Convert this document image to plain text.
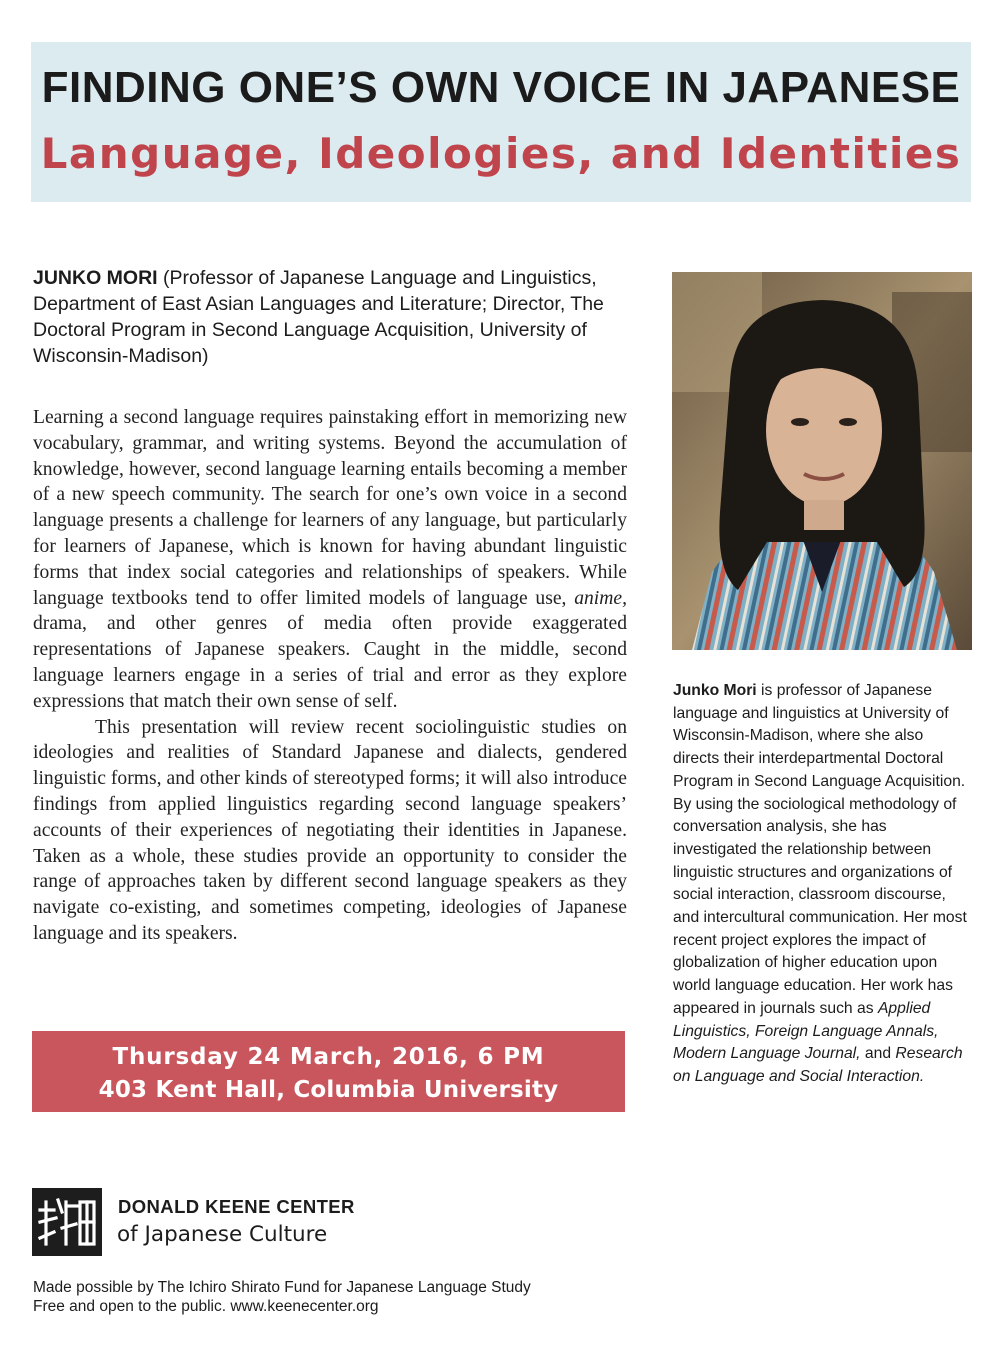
FINDING ONE’S OWN VOICE IN JAPANESE
Language, Ideologies, and Identities
JUNKO MORI (Professor of Japanese Language and Linguistics, Department of East Asian Languages and Literature; Director, The Doctoral Program in Second Language Acquisition, University of Wisconsin-Madison)

Learning a second language requires painstaking effort in memorizing new vocabulary, grammar, and writing systems. Beyond the accumulation of knowledge, however, second language learning entails becoming a member of a new speech community. The search for one’s own voice in a second language presents a challenge for learners of any language, but particularly for learners of Japanese, which is known for having abundant linguistic forms that index social categories and relationships of speakers. While language textbooks tend to offer limited models of language use, anime, drama, and other genres of media often provide exaggerated representations of Japanese speakers. Caught in the middle, second language learners engage in a series of trial and error as they explore expressions that match their own sense of self.

This presentation will review recent sociolinguistic studies on ideologies and realities of Standard Japanese and dialects, gendered linguistic forms, and other kinds of stereotyped forms; it will also introduce findings from applied linguistics regarding second language speakers’ accounts of their experiences of negotiating their identities in Japanese. Taken as a whole, these studies provide an opportunity to consider the range of approaches taken by different second language speakers as they navigate co-existing, and sometimes competing, ideologies of Japanese language and its speakers.

Thursday 24 March, 2016, 6 PM
403 Kent Hall, Columbia University
Junko Mori is professor of Japanese language and linguistics at University of Wisconsin-Madison, where she also directs their interdepartmental Doctoral Program in Second Language Acquisition. By using the sociological methodology of conversation analysis, she has investigated the relationship between linguistic structures and organizations of social interaction, classroom discourse, and intercultural communication. Her most recent project explores the impact of globalization of higher education upon world language education. Her work has appeared in journals such as Applied Linguistics, Foreign Language Annals, Modern Language Journal, and Research on Language and Social Interaction.
DONALD KEENE CENTER
of Japanese Culture
Made possible by The Ichiro Shirato Fund for Japanese Language Study
Free and open to the public. www.keenecenter.org
